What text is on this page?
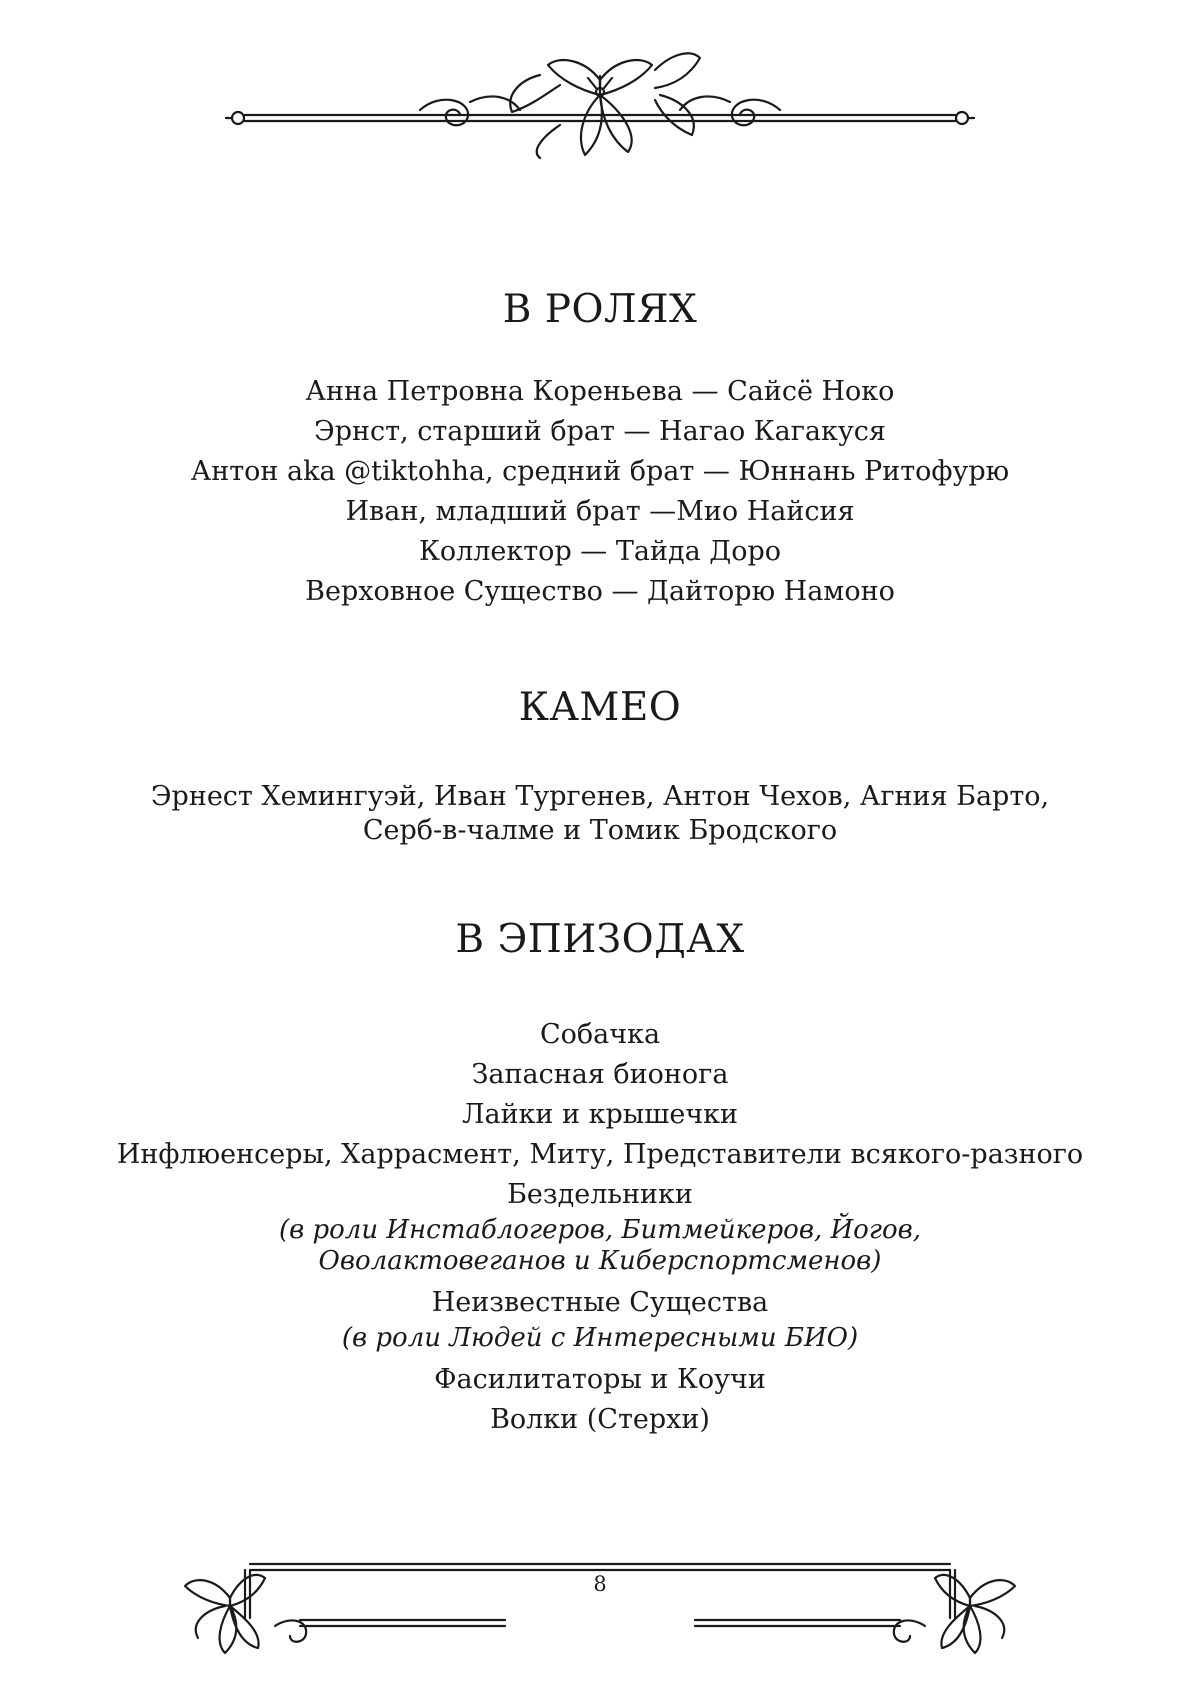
В РОЛЯХ
Анна Петровна Кореньева — Сайсё Ноко
Эрнст, старший брат — Нагао Кагакуся
Антон aka @tiktohha, средний брат — Юннань Ритофурю
Иван, младший брат —Мио Найсия
Коллектор — Тайда Доро
Верховное Существо — Дайторю Намоно
КАМЕО
Эрнест Хемингуэй, Иван Тургенев, Антон Чехов, Агния Барто,
Серб-в-чалме и Томик Бродского
В ЭПИЗОДАХ
Собачка
Запасная бионога
Лайки и крышечки
Инфлюенсеры, Харрасмент, Миту, Представители всякого-разного
Бездельники
(в роли Инстаблогеров, Битмейкеров, Йогов,
Оволактовеганов и Киберспортсменов)
Неизвестные Существа
(в роли Людей с Интересными БИО)
Фасилитаторы и Коучи
Волки (Стерхи)
8
